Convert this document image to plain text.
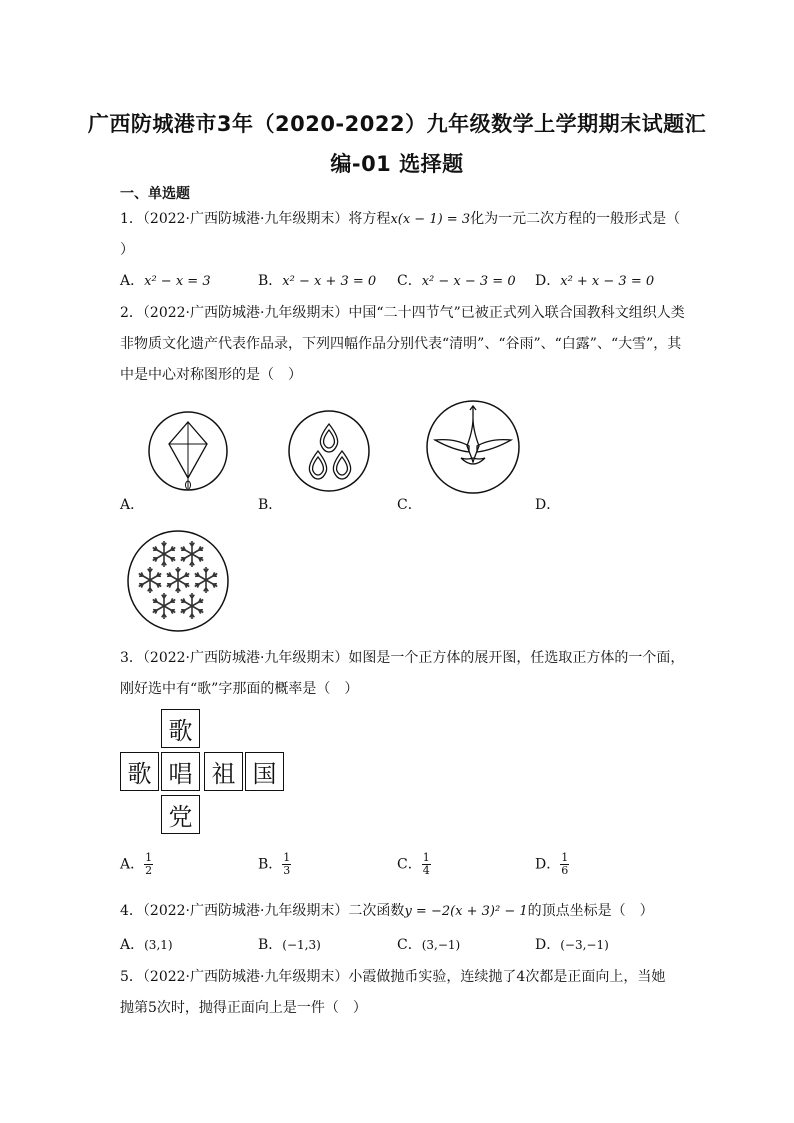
广西防城港市3年（2020-2022）九年级数学上学期期末试题汇
编-01 选择题
一、单选题
1．（2022·广西防城港·九年级期末）将方程x(x − 1) = 3化为一元二次方程的一般形式是（
）
A．x² − x = 3	B．x² − x + 3 = 0 C．x² − x − 3 = 0 D．x² + x − 3 = 0
2．（2022·广西防城港·九年级期末）中国“二十四节气”已被正式列入联合国教科文组织人类
非物质文化遗产代表作品录，下列四幅作品分别代表“清明”、“谷雨”、“白露”、“大雪”，其
中是中心对称图形的是（　）
A．	B．	C．	D．
3．（2022·广西防城港·九年级期末）如图是一个正方体的展开图，任选取正方体的一个面，
刚好选中有“歌”字那面的概率是（　）
歌
歌 唱 祖 国
党
A． $\frac{1}{2}$	B． $\frac{1}{3}$	C． $\frac{1}{4}$	D． $\frac{1}{6}$
4．（2022·广西防城港·九年级期末）二次函数y = −2(x + 3)² − 1的顶点坐标是（　）
A．(3,1)	B．(−1,3)	C．(3,−1)	D．(−3,−1)
5．（2022·广西防城港·九年级期末）小霞做抛币实验，连续抛了4次都是正面向上，当她
抛第5次时，抛得正面向上是一件（　）
